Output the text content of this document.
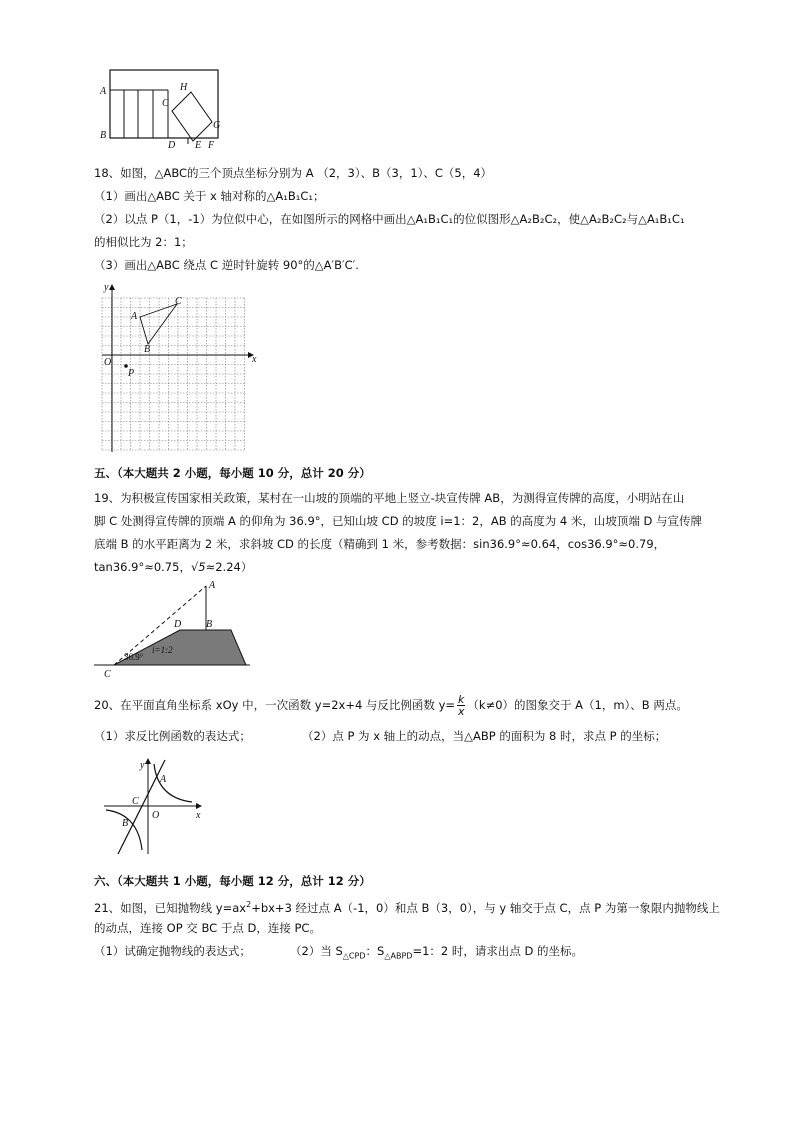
A
B
C
H
G
D E F
18、如图，△ABC的三个顶点坐标分别为 A （2，3）、B（3，1）、C（5，4）
（1）画出△ABC 关于 x 轴对称的△A₁B₁C₁；
（2）以点 P（1，-1）为位似中心，在如图所示的网格中画出△A₁B₁C₁的位似图形△A₂B₂C₂，使△A₂B₂C₂与△A₁B₁C₁
的相似比为 2：1；
（3）画出△ABC 绕点 C 逆时针旋转 90°的△A′B′C′.
y
x
O
P
A
B
C
五、（本大题共 2 小题，每小题 10 分，总计 20 分）
19、为积极宣传国家相关政策，某村在一山坡的顶端的平地上竖立-块宣传牌 AB，为测得宣传牌的高度，小明站在山
脚 C 处测得宣传牌的顶端 A 的仰角为 36.9°，已知山坡 CD 的坡度 i=1：2，AB 的高度为 4 米，山坡顶端 D 与宣传牌
底端 B 的水平距离为 2 米，求斜坡 CD 的长度（精确到 1 米，参考数据：sin36.9°≈0.64，cos36.9°≈0.79，
tan36.9°≈0.75，√5≈2.24）
A
B
D
C
36.9°
i=1:2
20、在平面直角坐标系 xOy 中，一次函数 y=2x+4 与反比例函数 $y= \frac{k}{x} (k\ne 0)$的图象交于 A（1，m）、B 两点。
（1）求反比例函数的表达式；	（2）点 P 为 x 轴上的动点，当△ABP 的面积为 8 时，求点 P 的坐标；
y
x
A
C
O
B
六、（本大题共 1 小题，每小题 12 分，总计 12 分）
21、如图，已知抛物线 $y=ax^2+bx+3$ 经过点 A（-1，0）和点 B（3，0），与 y 轴交于点 C，点 P 为第一象限内抛物线上
的动点，连接 OP 交 BC 于点 D，连接 PC。
（1）试确定抛物线的表达式；	（2）当 $S_{\triangle CPD}$：$S_{\triangle ABPD}=1$：2 时，请求出点 D 的坐标。
